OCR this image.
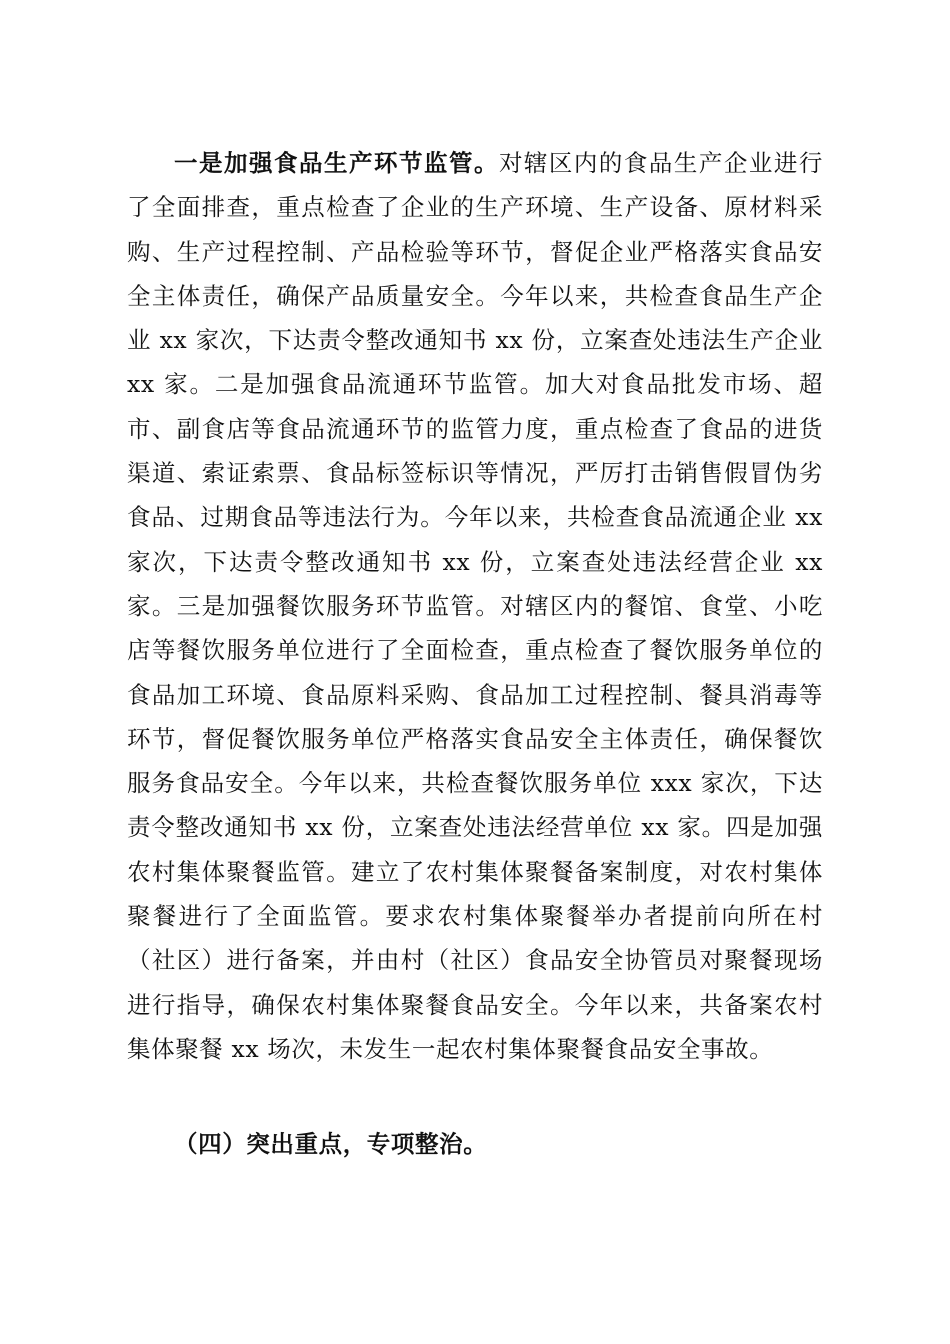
一是加强食品生产环节监管。对辖区内的食品生产企业进行了全面排查，重点检查了企业的生产环境、生产设备、原材料采购、生产过程控制、产品检验等环节，督促企业严格落实食品安全主体责任，确保产品质量安全。今年以来，共检查食品生产企业 xx 家次，下达责令整改通知书 xx 份，立案查处违法生产企业 xx 家。二是加强食品流通环节监管。加大对食品批发市场、超市、副食店等食品流通环节的监管力度，重点检查了食品的进货渠道、索证索票、食品标签标识等情况，严厉打击销售假冒伪劣食品、过期食品等违法行为。今年以来，共检查食品流通企业 xx 家次，下达责令整改通知书 xx 份，立案查处违法经营企业 xx 家。三是加强餐饮服务环节监管。对辖区内的餐馆、食堂、小吃店等餐饮服务单位进行了全面检查，重点检查了餐饮服务单位的食品加工环境、食品原料采购、食品加工过程控制、餐具消毒等环节，督促餐饮服务单位严格落实食品安全主体责任，确保餐饮服务食品安全。今年以来，共检查餐饮服务单位 xxx 家次，下达责令整改通知书 xx 份，立案查处违法经营单位 xx 家。四是加强农村集体聚餐监管。建立了农村集体聚餐备案制度，对农村集体聚餐进行了全面监管。要求农村集体聚餐举办者提前向所在村（社区）进行备案，并由村（社区）食品安全协管员对聚餐现场进行指导，确保农村集体聚餐食品安全。今年以来，共备案农村集体聚餐 xx 场次，未发生一起农村集体聚餐食品安全事故。

（四）突出重点，专项整治。
